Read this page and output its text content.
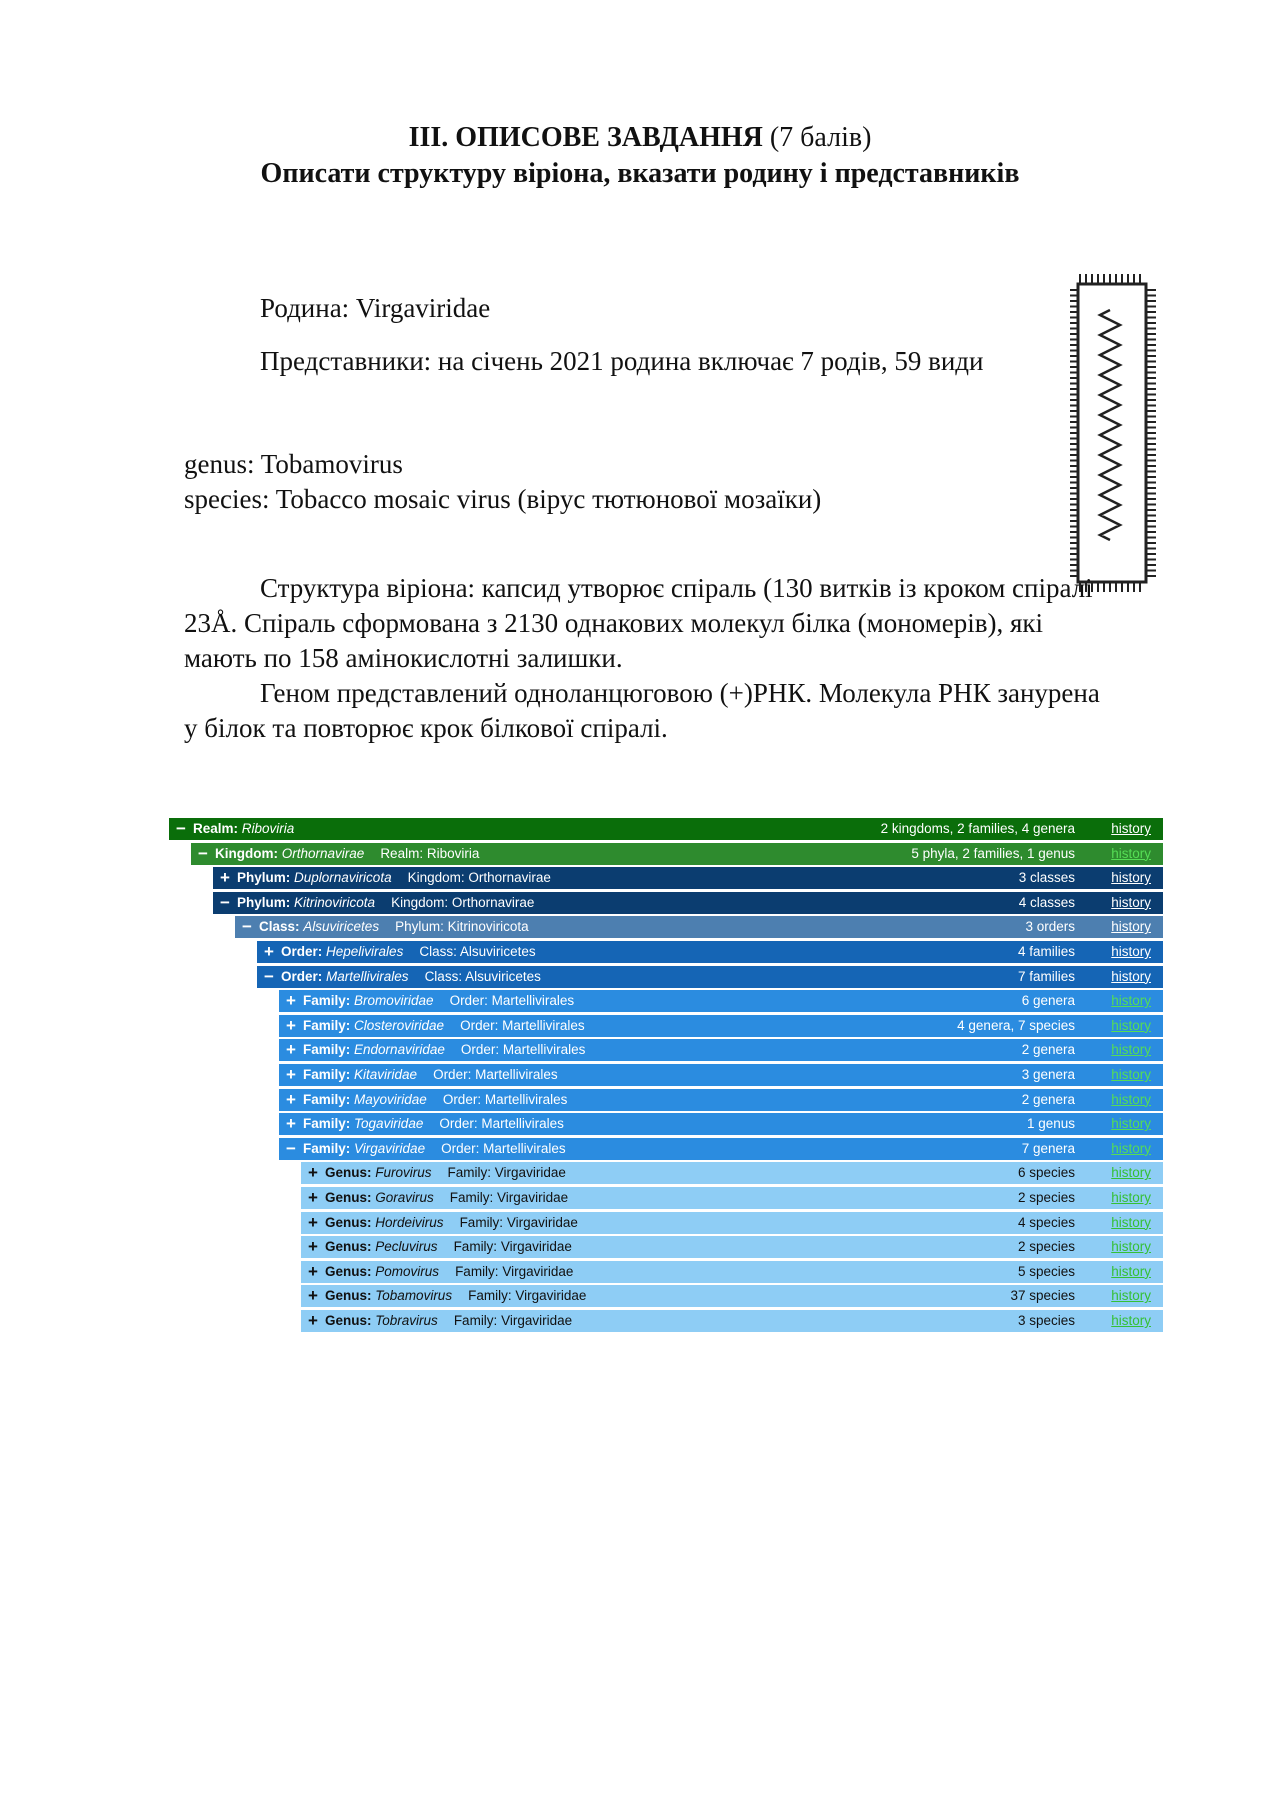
ІІІ. ОПИСОВЕ ЗАВДАННЯ (7 балів)
Описати структуру віріона, вказати родину і представників

Родина: Virgaviridae

Представники: на січень 2021 родина включає 7 родів, 59 види

genus: Tobamovirus

species: Tobacco mosaic virus (вірус тютюнової мозаїки)

Структура віріона: капсид утворює спіраль (130 витків із кроком спіралі 23Å. Спіраль сформована з 2130 однакових молекул білка (мономерів), які мають по 158 амінокислотні залишки.

Геном представлений одноланцюговою (+)РНК. Молекула РНК занурена у білок та повторює крок білкової спіралі.

− Realm: Riboviria	2 kingdoms, 2 families, 4 genera	history
− Kingdom: Orthornavirae Realm: Riboviria	5 phyla, 2 families, 1 genus	history
+ Phylum: Duplornaviricota Kingdom: Orthornavirae	3 classes	history
− Phylum: Kitrinoviricota Kingdom: Orthornavirae	4 classes	history
− Class: Alsuviricetes Phylum: Kitrinoviricota	3 orders	history
+ Order: Hepelivirales Class: Alsuviricetes	4 families	history
− Order: Martellivirales Class: Alsuviricetes	7 families	history
+ Family: Bromoviridae Order: Martellivirales	6 genera	history
+ Family: Closteroviridae Order: Martellivirales	4 genera, 7 species	history
+ Family: Endornaviridae Order: Martellivirales	2 genera	history
+ Family: Kitaviridae Order: Martellivirales	3 genera	history
+ Family: Mayoviridae Order: Martellivirales	2 genera	history
+ Family: Togaviridae Order: Martellivirales	1 genus	history
− Family: Virgaviridae Order: Martellivirales	7 genera	history
+ Genus: Furovirus Family: Virgaviridae	6 species	history
+ Genus: Goravirus Family: Virgaviridae	2 species	history
+ Genus: Hordeivirus Family: Virgaviridae	4 species	history
+ Genus: Pecluvirus Family: Virgaviridae	2 species	history
+ Genus: Pomovirus Family: Virgaviridae	5 species	history
+ Genus: Tobamovirus Family: Virgaviridae	37 species	history
+ Genus: Tobravirus Family: Virgaviridae	3 species	history
